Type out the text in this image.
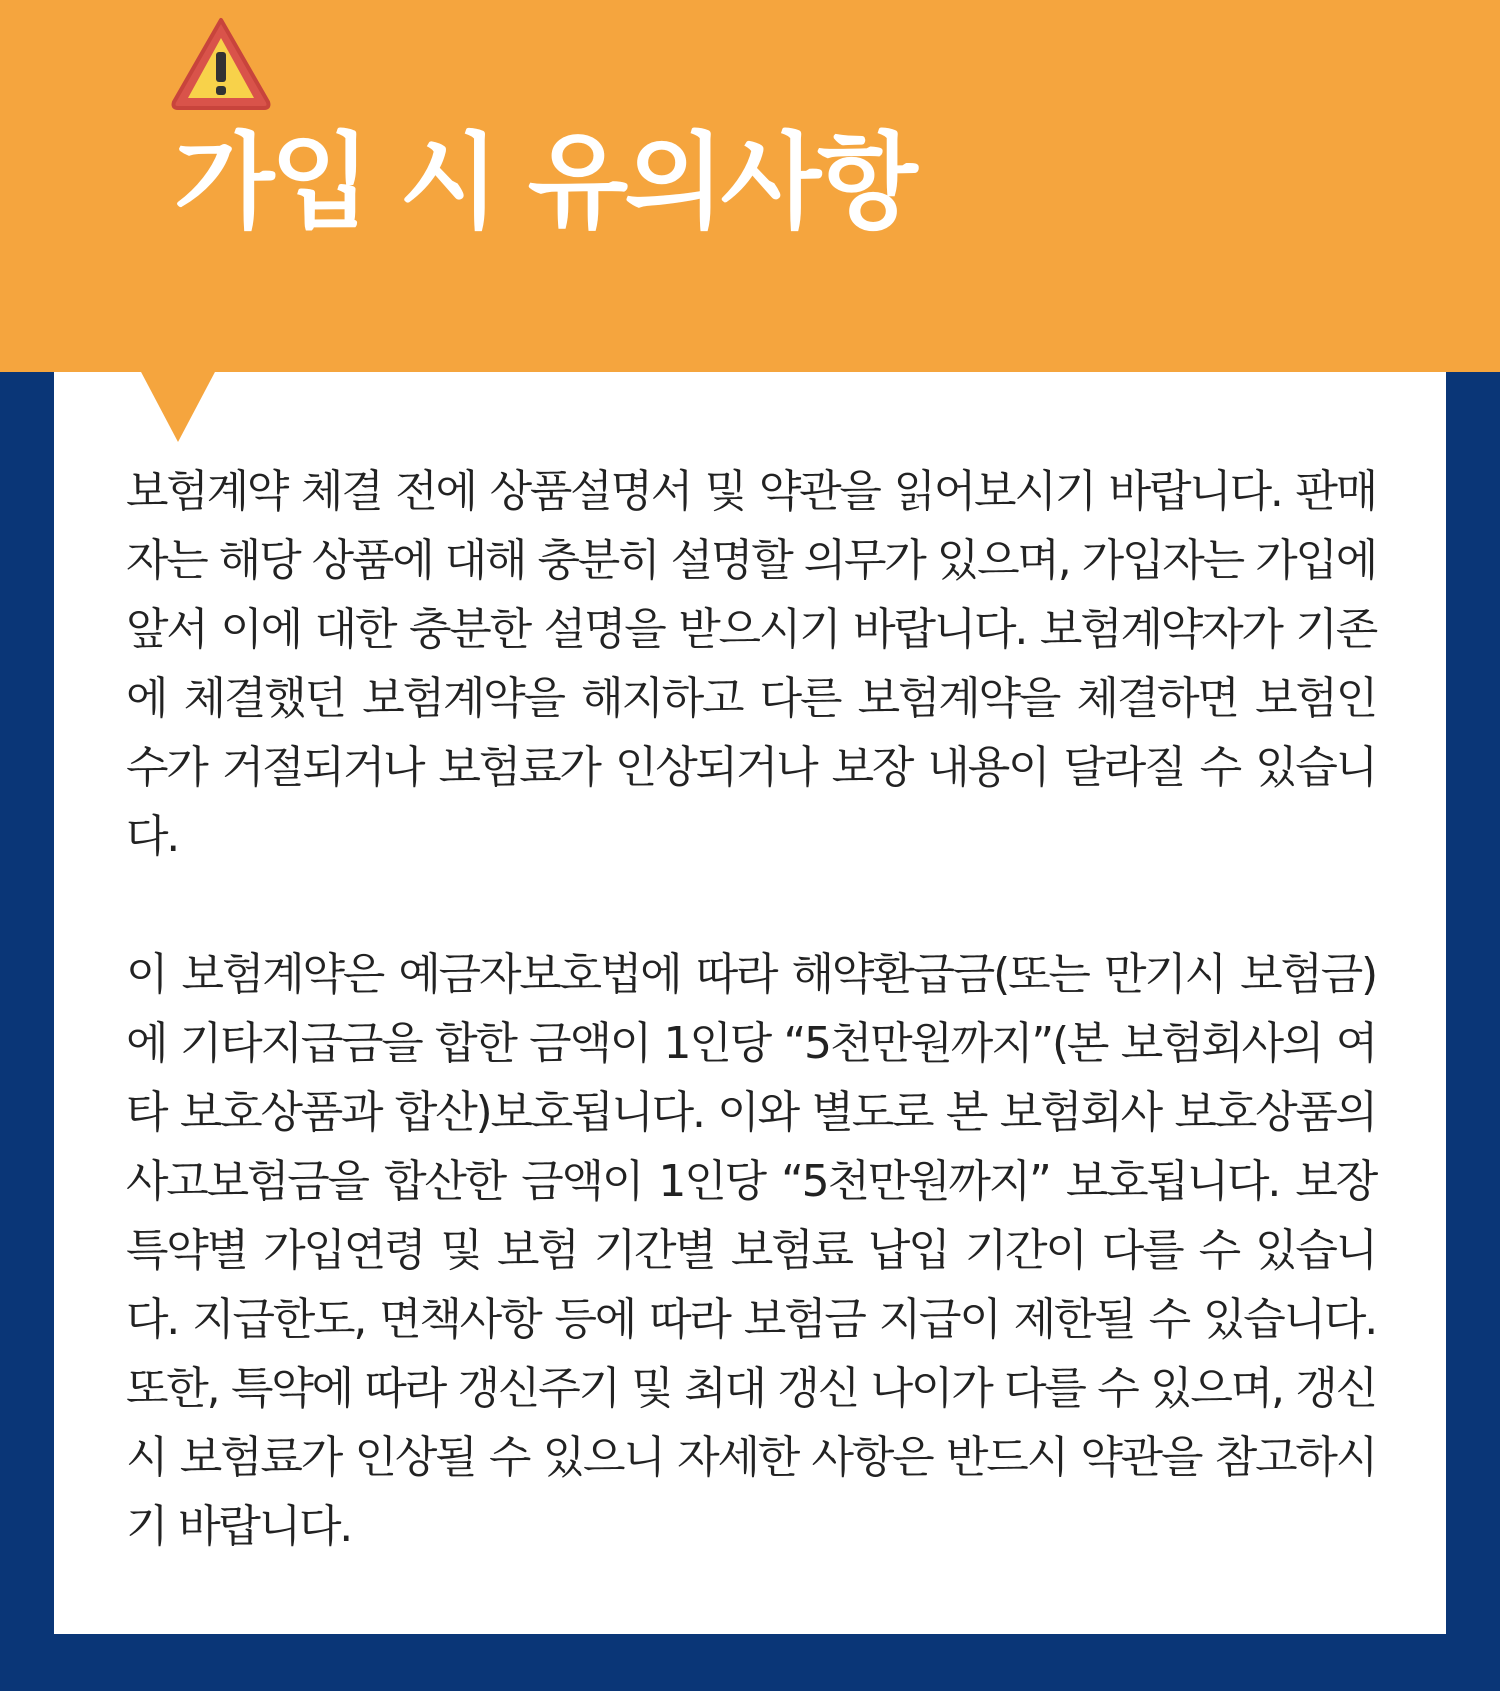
가입 시 유의사항

보험계약 체결 전에 상품설명서 및 약관을 읽어보시기 바랍니다. 판매자는 해당 상품에 대해 충분히 설명할 의무가 있으며, 가입자는 가입에 앞서 이에 대한 충분한 설명을 받으시기 바랍니다. 보험계약자가 기존에 체결했던 보험계약을 해지하고 다른 보험계약을 체결하면 보험인수가 거절되거나 보험료가 인상되거나 보장 내용이 달라질 수 있습니다.

이 보험계약은 예금자보호법에 따라 해약환급금(또는 만기시 보험금)에 기타지급금을 합한 금액이 1인당 “5천만원까지”(본 보험회사의 여타 보호상품과 합산)보호됩니다. 이와 별도로 본 보험회사 보호상품의 사고보험금을 합산한 금액이 1인당 “5천만원까지” 보호됩니다. 보장특약별 가입연령 및 보험 기간별 보험료 납입 기간이 다를 수 있습니다. 지급한도, 면책사항 등에 따라 보험금 지급이 제한될 수 있습니다. 또한, 특약에 따라 갱신주기 및 최대 갱신 나이가 다를 수 있으며, 갱신 시 보험료가 인상될 수 있으니 자세한 사항은 반드시 약관을 참고하시기 바랍니다.
